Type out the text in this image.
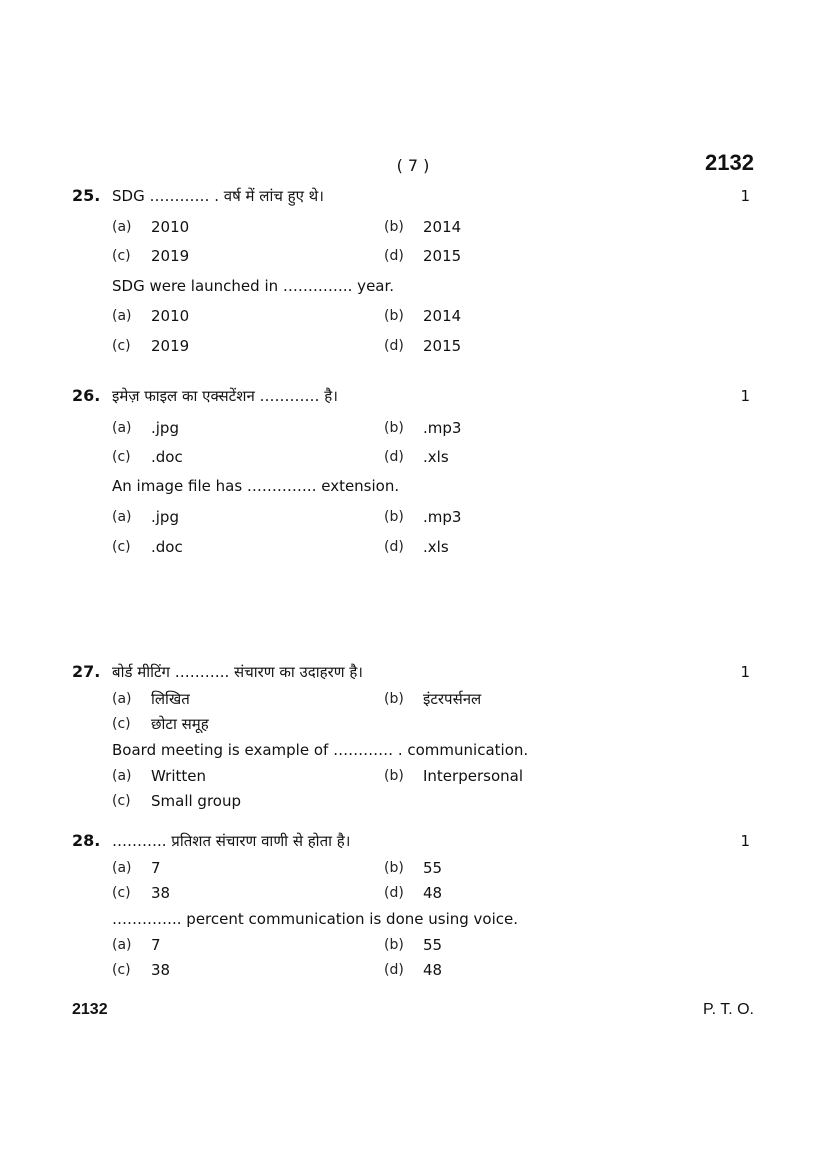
( 7 )	2132
25. SDG ………… . वर्ष में लांच हुए थे।	1
(a) 2010	(b) 2014
(c) 2019	(d) 2015
SDG were launched in ………….. year.
(a) 2010	(b) 2014
(c) 2019	(d) 2015
26. इमेज़ फाइल का एक्सटेंशन ………… है।	1
(a) .jpg	(b) .mp3
(c) .doc	(d) .xls
An image file has ………….. extension.
(a) .jpg	(b) .mp3
(c) .doc	(d) .xls
27. बोर्ड मीटिंग ……….. संचारण का उदाहरण है।	1
(a) लिखित	(b) इंटरपर्सनल
(c) छोटा समूह
Board meeting is example of ………… . communication.
(a) Written	(b) Interpersonal
(c) Small group
28. ……….. प्रतिशत संचारण वाणी से होता है।	1
(a) 7	(b) 55
(c) 38	(d) 48
………….. percent communication is done using voice.
(a) 7	(b) 55
(c) 38	(d) 48
2132	P. T. O.
